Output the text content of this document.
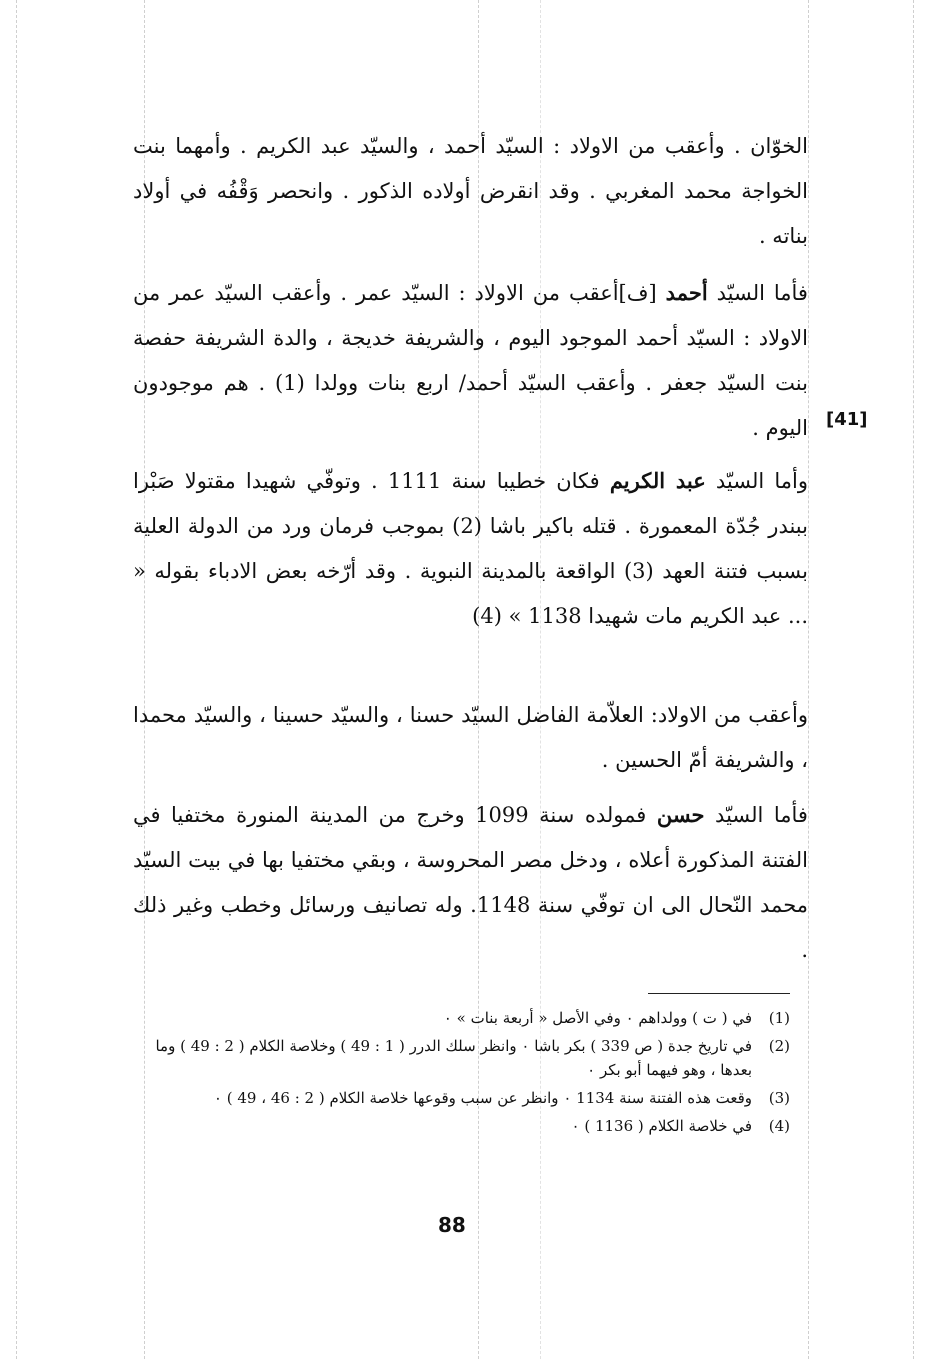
الخوّان . وأعقب من الاولاد : السيّد أحمد ، والسيّد عبد الكريم . وأمهما بنت الخواجة محمد المغربي . وقد انقرض أولاده الذكور . وانحصر وَقْفُه في أولاد بناته .

فأما السيّد أحمد [ف]أعقب من الاولاد : السيّد عمر . وأعقب السيّد عمر من الاولاد : السيّد أحمد الموجود اليوم ، والشريفة خديجة ، والدة الشريفة حفصة بنت السيّد جعفر . وأعقب السيّد أحمد/ اربع بنات وولدا (1) . هم موجودون اليوم . [41]

وأما السيّد عبد الكريم فكان خطيبا سنة 1111 . وتوفّي شهيدا مقتولا صَبْرا ببندر جُدّة المعمورة . قتله باكير باشا (2) بموجب فرمان ورد من الدولة العلية بسبب فتنة العهد (3) الواقعة بالمدينة النبوية . وقد أرّخه بعض الادباء بقوله « ... عبد الكريم مات شهيدا 1138 » (4)

وأعقب من الاولاد: العلاّمة الفاضل السيّد حسنا ، والسيّد حسينا ، والسيّد محمدا ، والشريفة أمّ الحسين .

فأما السيّد حسن فمولده سنة 1099 وخرج من المدينة المنورة مختفيا في الفتنة المذكورة أعلاه ، ودخل مصر المحروسة ، وبقي مختفيا بها في بيت السيّد محمد النّحال الى ان توفّي سنة 1148. وله تصانيف ورسائل وخطب وغير ذلك .

(1)
في ( ت ) وولداهم ٠ وفي الأصل « أربعة بنات » ٠
(2)
في تاريخ جدة ( ص 339 ) بكر باشا ٠ وانظر سلك الدرر ( 1 : 49 ) وخلاصة الكلام ( 2 : 49 ) وما بعدها ، وهو فيهما أبو بكر ٠
(3)
وقعت هذه الفتنة سنة 1134 ٠ وانظر عن سبب وقوعها خلاصة الكلام ( 2 : 46 ، 49 ) ٠
(4)
في خلاصة الكلام ( 1136 ) ٠
88
